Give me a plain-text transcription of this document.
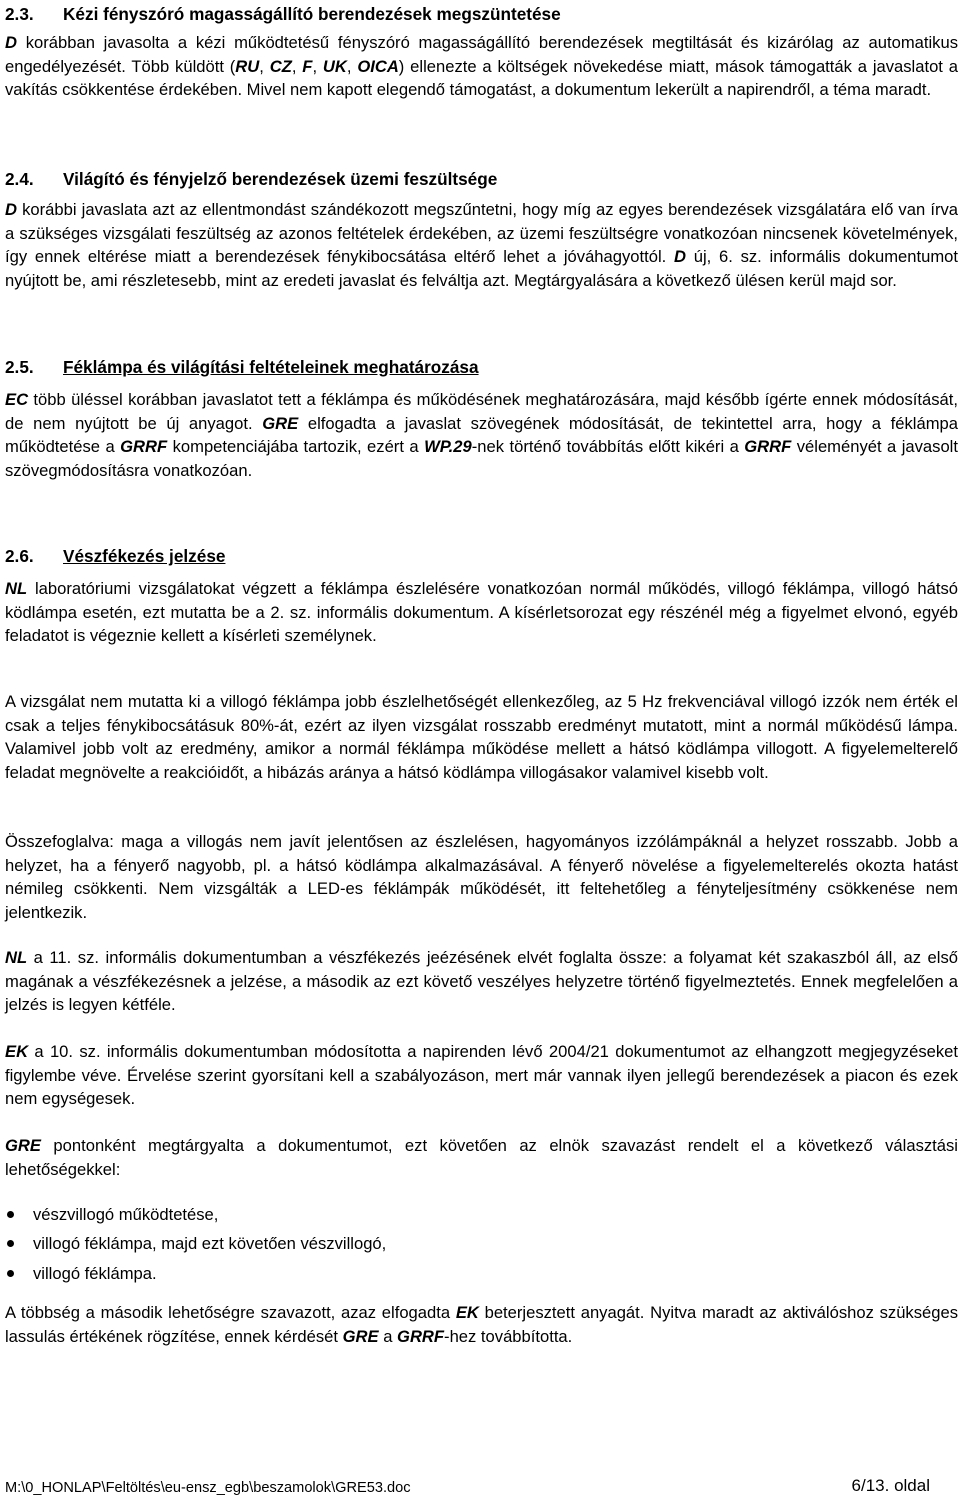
2.3. Kézi fényszóró magasságállító berendezések megszüntetése

D korábban javasolta a kézi működtetésű fényszóró magasságállító berendezések megtiltását és kizárólag az automatikus engedélyezését. Több küldött (RU, CZ, F, UK, OICA) ellenezte a költségek növekedése miatt, mások támogatták a javaslatot a vakítás csökkentése érdekében. Mivel nem kapott elegendő támogatást, a dokumentum lekerült a napirendről, a téma maradt.

2.4. Világító és fényjelző berendezések üzemi feszültsége

D korábbi javaslata azt az ellentmondást szándékozott megszűntetni, hogy míg az egyes berendezések vizsgálatára elő van írva a szükséges vizsgálati feszültség az azonos feltételek érdekében, az üzemi feszültségre vonatkozóan nincsenek követelmények, így ennek eltérése miatt a berendezések fénykibocsátása eltérő lehet a jóváhagyottól. D új, 6. sz. informális dokumentumot nyújtott be, ami részletesebb, mint az eredeti javaslat és felváltja azt. Megtárgyalására a következő ülésen kerül majd sor.

2.5. Féklámpa és világítási feltételeinek meghatározása

EC több üléssel korábban javaslatot tett a féklámpa és működésének meghatározására, majd később ígérte ennek módosítását, de nem nyújtott be új anyagot. GRE elfogadta a javaslat szövegének módosítását, de tekintettel arra, hogy a féklámpa működtetése a GRRF kompetenciájába tartozik, ezért a WP.29-nek történő továbbítás előtt kikéri a GRRF véleményét a javasolt szövegmódosításra vonatkozóan.

2.6. Vészfékezés jelzése

NL laboratóriumi vizsgálatokat végzett a féklámpa észlelésére vonatkozóan normál működés, villogó féklámpa, villogó hátsó ködlámpa esetén, ezt mutatta be a 2. sz. informális dokumentum. A kísérletsorozat egy részénél még a figyelmet elvonó, egyéb feladatot is végeznie kellett a kísérleti személynek.

A vizsgálat nem mutatta ki a villogó féklámpa jobb észlelhetőségét ellenkezőleg, az 5 Hz frekvenciával villogó izzók nem érték el csak a teljes fénykibocsátásuk 80%-át, ezért az ilyen vizsgálat rosszabb eredményt mutatott, mint a normál működésű lámpa. Valamivel jobb volt az eredmény, amikor a normál féklámpa működése mellett a hátsó ködlámpa villogott. A figyelemelterelő feladat megnövelte a reakcióidőt, a hibázás aránya a hátsó ködlámpa villogásakor valamivel kisebb volt.

Összefoglalva: maga a villogás nem javít jelentősen az észlelésen, hagyományos izzólámpáknál a helyzet rosszabb. Jobb a helyzet, ha a fényerő nagyobb, pl. a hátsó ködlámpa alkalmazásával. A fényerő növelése a figyelemelterelés okozta hatást némileg csökkenti. Nem vizsgálták a LED-es féklámpák működését, itt feltehetőleg a fényteljesítmény csökkenése nem jelentkezik.

NL a 11. sz. informális dokumentumban a vészfékezés jeézésének elvét foglalta össze: a folyamat két szakaszból áll, az első magának a vészfékezésnek a jelzése, a második az ezt követő veszélyes helyzetre történő figyelmeztetés. Ennek megfelelően a jelzés is legyen kétféle.

EK a 10. sz. informális dokumentumban módosította a napirenden lévő 2004/21 dokumentumot az elhangzott megjegyzéseket figylembe véve. Érvelése szerint gyorsítani kell a szabályozáson, mert már vannak ilyen jellegű berendezések a piacon és ezek nem egységesek.

GRE pontonként megtárgyalta a dokumentumot, ezt követően az elnök szavazást rendelt el a következő választási lehetőségekkel:

vészvillogó működtetése,
villogó féklámpa, majd ezt követően vészvillogó,
villogó féklámpa.

A többség a második lehetőségre szavazott, azaz elfogadta EK beterjesztett anyagát. Nyitva maradt az aktiválóshoz szükséges lassulás értékének rögzítése, ennek kérdését GRE a GRRF-hez továbbította.

M:\0_HONLAP\Feltöltés\eu-ensz_egb\beszamolok\GRE53.doc	6/13. oldal
